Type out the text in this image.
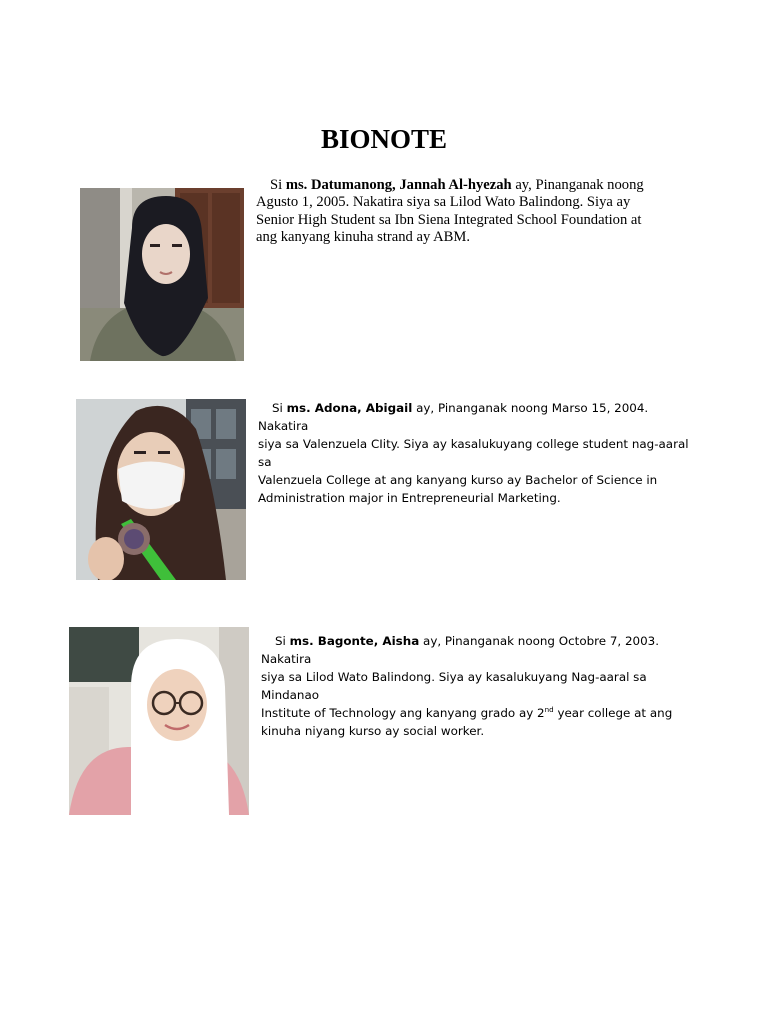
BIONOTE

Si ms. Datumanong, Jannah Al-hyezah ay, Pinanganak noong
Agusto 1, 2005. Nakatira siya sa Lilod Wato Balindong. Siya ay
Senior High Student sa Ibn Siena Integrated School Foundation at
ang kanyang kinuha strand ay ABM.

Si ms. Adona, Abigail ay, Pinanganak noong Marso 15, 2004. Nakatira
siya sa Valenzuela CIity. Siya ay kasalukuyang college student nag-aaral sa
Valenzuela College at ang kanyang kurso ay Bachelor of Science in
Administration major in Entrepreneurial Marketing.

Si ms. Bagonte, Aisha ay, Pinanganak noong Octobre 7, 2003. Nakatira
siya sa Lilod Wato Balindong. Siya ay kasalukuyang Nag-aaral sa Mindanao
Institute of Technology ang kanyang grado ay 2nd year college at ang
kinuha niyang kurso ay social worker.
